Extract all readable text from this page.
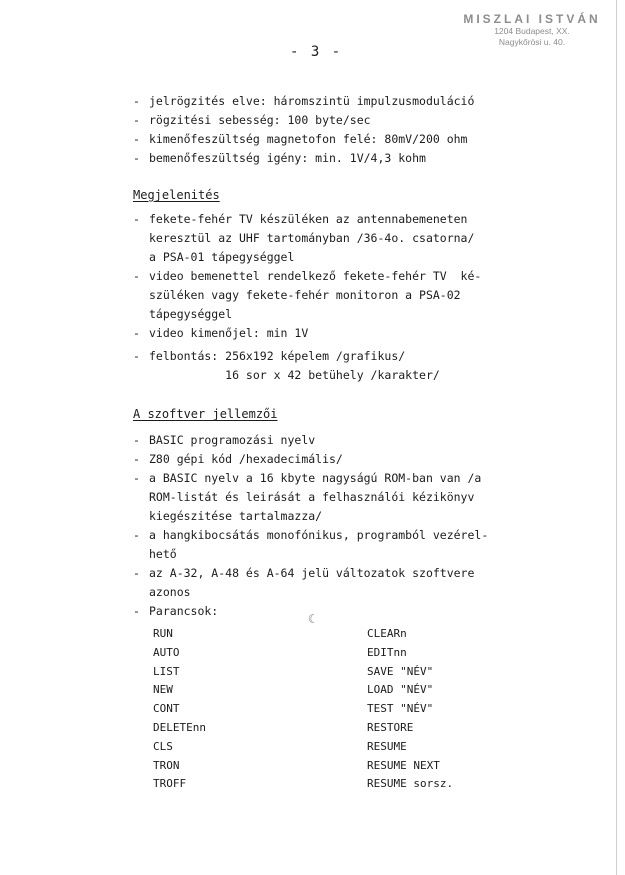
MISZLAI ISTVÁN
1204 Budapest, XX.
Nagykőrösi u. 40.
- 3 -
- jelrögzités elve: háromszintü impulzusmoduláció
- rögzitési sebesség: 100 byte/sec
- kimenőfeszültség magnetofon felé: 80mV/200 ohm
- bemenőfeszültség igény: min. 1V/4,3 kohm
Megjelenités
- fekete-fehér TV készüléken az antennabemeneten
keresztül az UHF tartományban /36-4o. csatorna/
a PSA-01 tápegységgel
- video bemenettel rendelkező fekete-fehér TV  ké-
szüléken vagy fekete-fehér monitoron a PSA-02
tápegységgel
- video kimenőjel: min 1V
- felbontás: 256x192 képelem /grafikus/
16 sor x 42 betühely /karakter/
A szoftver jellemzői
- BASIC programozási nyelv
- Z80 gépi kód /hexadecimális/
- a BASIC nyelv a 16 kbyte nagyságú ROM-ban van /a
ROM-listát és leirását a felhasználói kézikönyv
kiegészitése tartalmazza/
- a hangkibocsátás monofónikus, programból vezérel-
hető
- az A-32, A-48 és A-64 jelü változatok szoftvere
azonos
- Parancsok:
RUN
AUTO
LIST
NEW
CONT
DELETEnn
CLS
TRON
TROFF
CLEARn
EDITnn
SAVE "NÉV"
LOAD "NÉV"
TEST "NÉV"
RESTORE
RESUME
RESUME NEXT
RESUME sorsz.
☾
